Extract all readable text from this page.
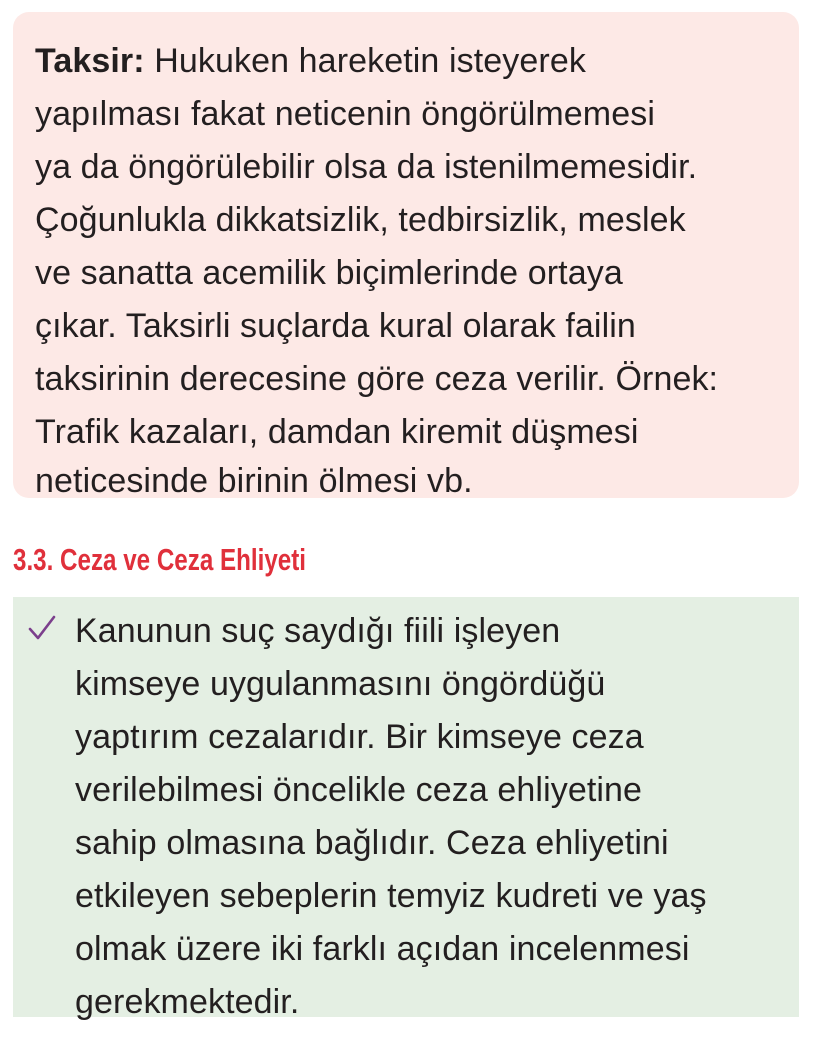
Taksir: Hukuken hareketin isteyerek
yapılması fakat neticenin öngörülmemesi
ya da öngörülebilir olsa da istenilmemesidir.
Çoğunlukla dikkatsizlik, tedbirsizlik, meslek
ve sanatta acemilik biçimlerinde ortaya
çıkar. Taksirli suçlarda kural olarak failin
taksirinin derecesine göre ceza verilir. Örnek:
Trafik kazaları, damdan kiremit düşmesi
neticesinde birinin ölmesi vb.
3.3. Ceza ve Ceza Ehliyeti
Kanunun suç saydığı fiili işleyen
kimseye uygulanmasını öngördüğü
yaptırım cezalarıdır. Bir kimseye ceza
verilebilmesi öncelikle ceza ehliyetine
sahip olmasına bağlıdır. Ceza ehliyetini
etkileyen sebeplerin temyiz kudreti ve yaş
olmak üzere iki farklı açıdan incelenmesi
gerekmektedir.
